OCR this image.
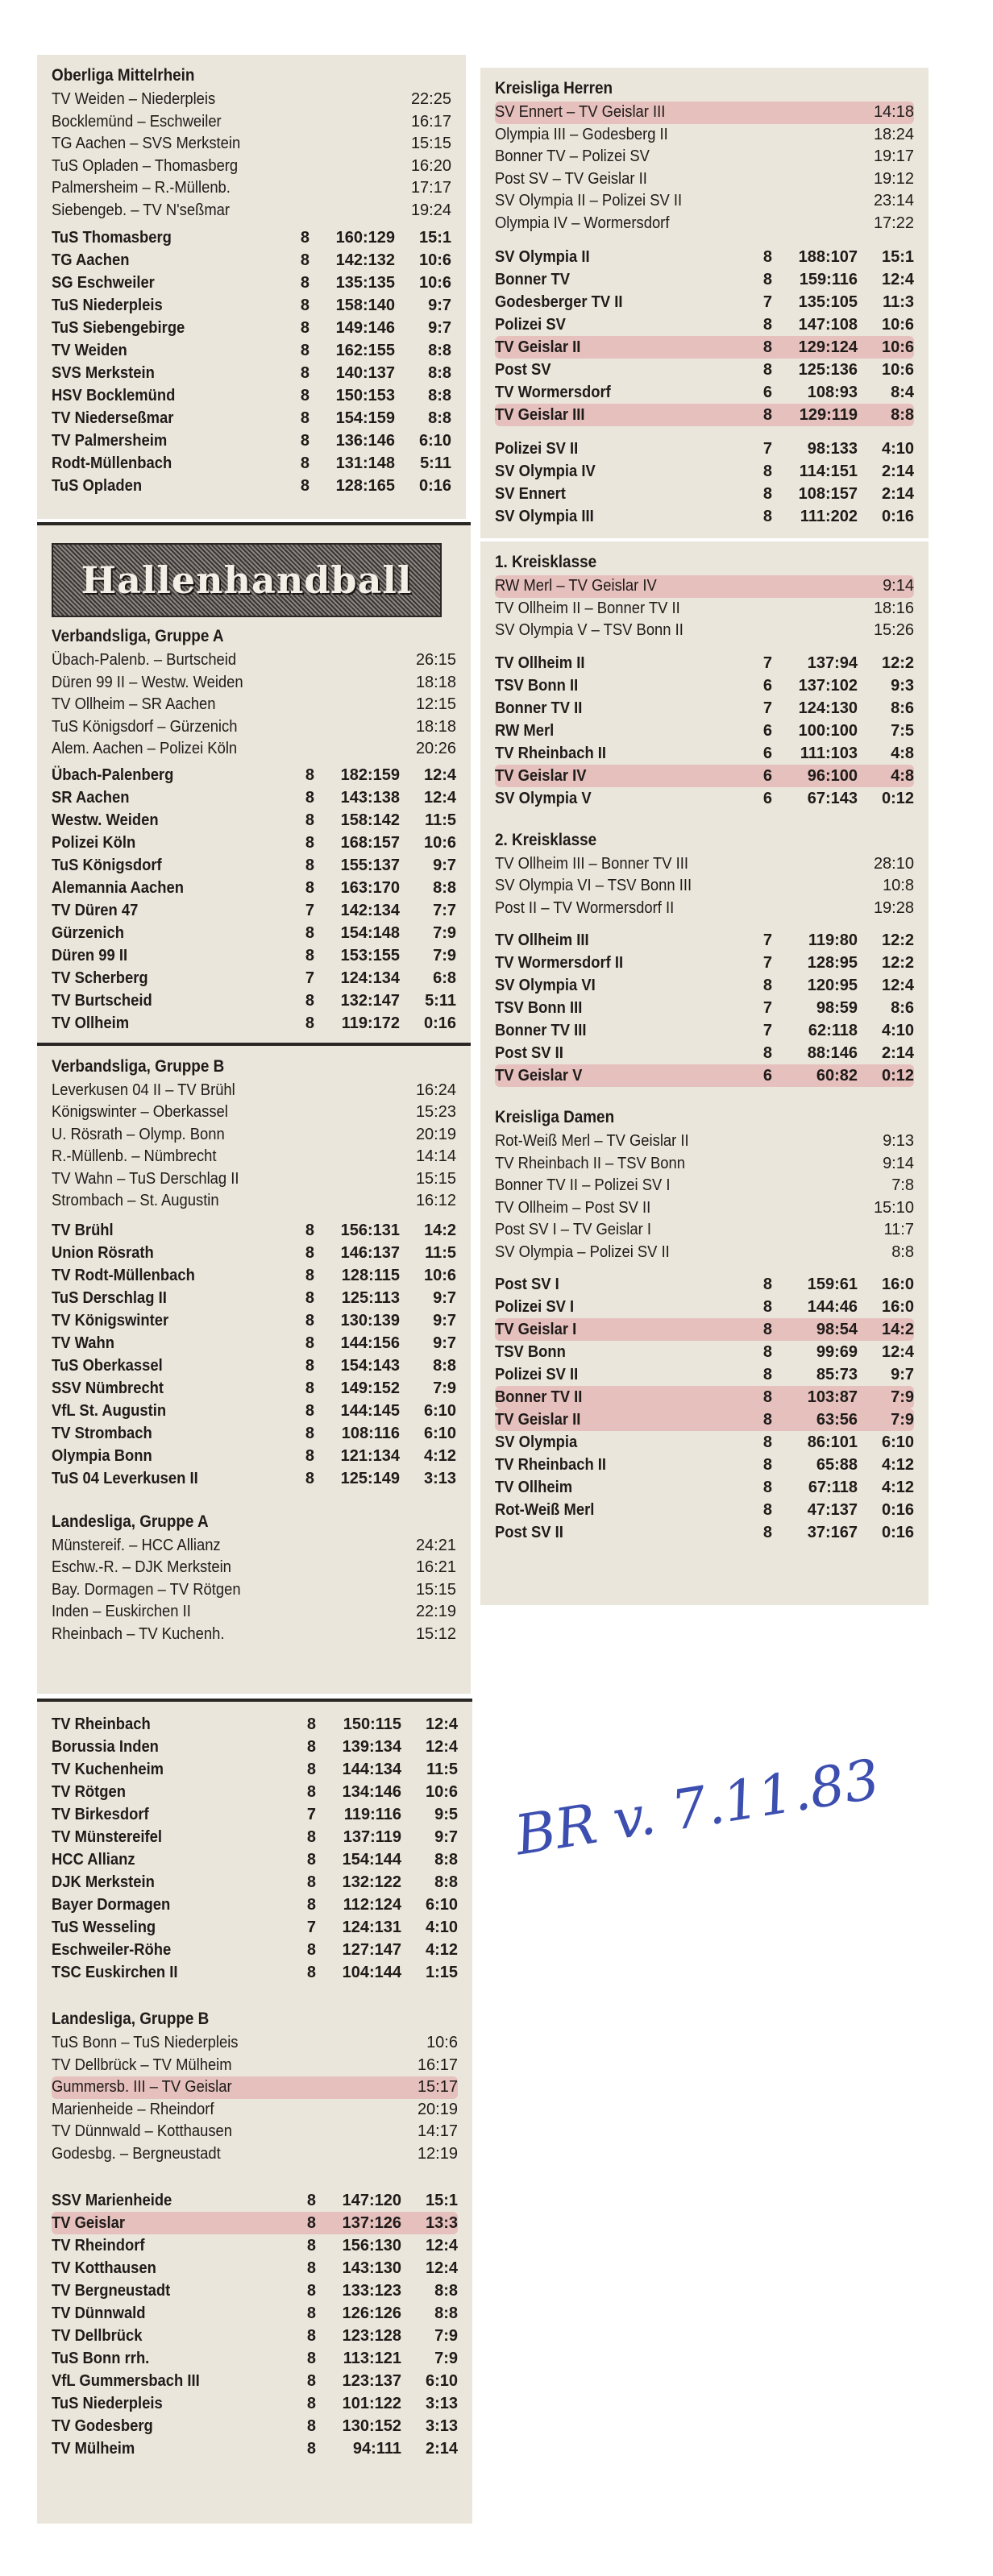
Oberliga Mittelrhein
TV Weiden – Niederpleis	22:25
Bocklemünd – Eschweiler	16:17
TG Aachen – SVS Merkstein	15:15
TuS Opladen – Thomasberg	16:20
Palmersheim – R.-Müllenb.	17:17
Siebengeb. – TV N'seßmar	19:24
TuS Thomasberg	8	160:129	15:1
TG Aachen	8	142:132	10:6
SG Eschweiler	8	135:135	10:6
TuS Niederpleis	8	158:140	9:7
TuS Siebengebirge	8	149:146	9:7
TV Weiden	8	162:155	8:8
SVS Merkstein	8	140:137	8:8
HSV Bocklemünd	8	150:153	8:8
TV Niederseßmar	8	154:159	8:8
TV Palmersheim	8	136:146	6:10
Rodt-Müllenbach	8	131:148	5:11
TuS Opladen	8	128:165	0:16
Hallenhandball
Verbandsliga, Gruppe A
Übach-Palenb. – Burtscheid	26:15
Düren 99 II – Westw. Weiden	18:18
TV Ollheim – SR Aachen	12:15
TuS Königsdorf – Gürzenich	18:18
Alem. Aachen – Polizei Köln	20:26
Übach-Palenberg	8	182:159	12:4
SR Aachen	8	143:138	12:4
Westw. Weiden	8	158:142	11:5
Polizei Köln	8	168:157	10:6
TuS Königsdorf	8	155:137	9:7
Alemannia Aachen	8	163:170	8:8
TV Düren 47	7	142:134	7:7
Gürzenich	8	154:148	7:9
Düren 99 II	8	153:155	7:9
TV Scherberg	7	124:134	6:8
TV Burtscheid	8	132:147	5:11
TV Ollheim	8	119:172	0:16
Verbandsliga, Gruppe B
Leverkusen 04 II – TV Brühl	16:24
Königswinter – Oberkassel	15:23
U. Rösrath – Olymp. Bonn	20:19
R.-Müllenb. – Nümbrecht	14:14
TV Wahn – TuS Derschlag II	15:15
Strombach – St. Augustin	16:12
TV Brühl	8	156:131	14:2
Union Rösrath	8	146:137	11:5
TV Rodt-Müllenbach	8	128:115	10:6
TuS Derschlag II	8	125:113	9:7
TV Königswinter	8	130:139	9:7
TV Wahn	8	144:156	9:7
TuS Oberkassel	8	154:143	8:8
SSV Nümbrecht	8	149:152	7:9
VfL St. Augustin	8	144:145	6:10
TV Strombach	8	108:116	6:10
Olympia Bonn	8	121:134	4:12
TuS 04 Leverkusen II	8	125:149	3:13
Landesliga, Gruppe A
Münstereif. – HCC Allianz	24:21
Eschw.-R. – DJK Merkstein	16:21
Bay. Dormagen – TV Rötgen	15:15
Inden – Euskirchen II	22:19
Rheinbach – TV Kuchenh.	15:12
TV Rheinbach	8	150:115	12:4
Borussia Inden	8	139:134	12:4
TV Kuchenheim	8	144:134	11:5
TV Rötgen	8	134:146	10:6
TV Birkesdorf	7	119:116	9:5
TV Münstereifel	8	137:119	9:7
HCC Allianz	8	154:144	8:8
DJK Merkstein	8	132:122	8:8
Bayer Dormagen	8	112:124	6:10
TuS Wesseling	7	124:131	4:10
Eschweiler-Röhe	8	127:147	4:12
TSC Euskirchen II	8	104:144	1:15
Landesliga, Gruppe B
TuS Bonn – TuS Niederpleis	10:6
TV Dellbrück – TV Mülheim	16:17
Gummersb. III – TV Geislar	15:17
Marienheide – Rheindorf	20:19
TV Dünnwald – Kotthausen	14:17
Godesbg. – Bergneustadt	12:19
SSV Marienheide	8	147:120	15:1
TV Geislar	8	137:126	13:3
TV Rheindorf	8	156:130	12:4
TV Kotthausen	8	143:130	12:4
TV Bergneustadt	8	133:123	8:8
TV Dünnwald	8	126:126	8:8
TV Dellbrück	8	123:128	7:9
TuS Bonn rrh.	8	113:121	7:9
VfL Gummersbach III	8	123:137	6:10
TuS Niederpleis	8	101:122	3:13
TV Godesberg	8	130:152	3:13
TV Mülheim	8	94:111	2:14
Kreisliga Herren
SV Ennert – TV Geislar III	14:18
Olympia III – Godesberg II	18:24
Bonner TV – Polizei SV	19:17
Post SV – TV Geislar II	19:12
SV Olympia II – Polizei SV II	23:14
Olympia IV – Wormersdorf	17:22
SV Olympia II	8	188:107	15:1
Bonner TV	8	159:116	12:4
Godesberger TV II	7	135:105	11:3
Polizei SV	8	147:108	10:6
TV Geislar II	8	129:124	10:6
Post SV	8	125:136	10:6
TV Wormersdorf	6	108:93	8:4
TV Geislar III	8	129:119	8:8
Polizei SV II	7	98:133	4:10
SV Olympia IV	8	114:151	2:14
SV Ennert	8	108:157	2:14
SV Olympia III	8	111:202	0:16
1. Kreisklasse
RW Merl – TV Geislar IV	9:14
TV Ollheim II – Bonner TV II	18:16
SV Olympia V – TSV Bonn II	15:26
TV Ollheim II	7	137:94	12:2
TSV Bonn II	6	137:102	9:3
Bonner TV II	7	124:130	8:6
RW Merl	6	100:100	7:5
TV Rheinbach II	6	111:103	4:8
TV Geislar IV	6	96:100	4:8
SV Olympia V	6	67:143	0:12
2. Kreisklasse
TV Ollheim III – Bonner TV III	28:10
SV Olympia VI – TSV Bonn III	10:8
Post II – TV Wormersdorf II	19:28
TV Ollheim III	7	119:80	12:2
TV Wormersdorf II	7	128:95	12:2
SV Olympia VI	8	120:95	12:4
TSV Bonn III	7	98:59	8:6
Bonner TV III	7	62:118	4:10
Post SV II	8	88:146	2:14
TV Geislar V	6	60:82	0:12
Kreisliga Damen
Rot-Weiß Merl – TV Geislar II	9:13
TV Rheinbach II – TSV Bonn	9:14
Bonner TV II – Polizei SV I	7:8
TV Ollheim – Post SV II	15:10
Post SV I – TV Geislar I	11:7
SV Olympia – Polizei SV II	8:8
Post SV I	8	159:61	16:0
Polizei SV I	8	144:46	16:0
TV Geislar I	8	98:54	14:2
TSV Bonn	8	99:69	12:4
Polizei SV II	8	85:73	9:7
Bonner TV II	8	103:87	7:9
TV Geislar II	8	63:56	7:9
SV Olympia	8	86:101	6:10
TV Rheinbach II	8	65:88	4:12
TV Ollheim	8	67:118	4:12
Rot-Weiß Merl	8	47:137	0:16
Post SV II	8	37:167	0:16
BR v. 7.11.83
